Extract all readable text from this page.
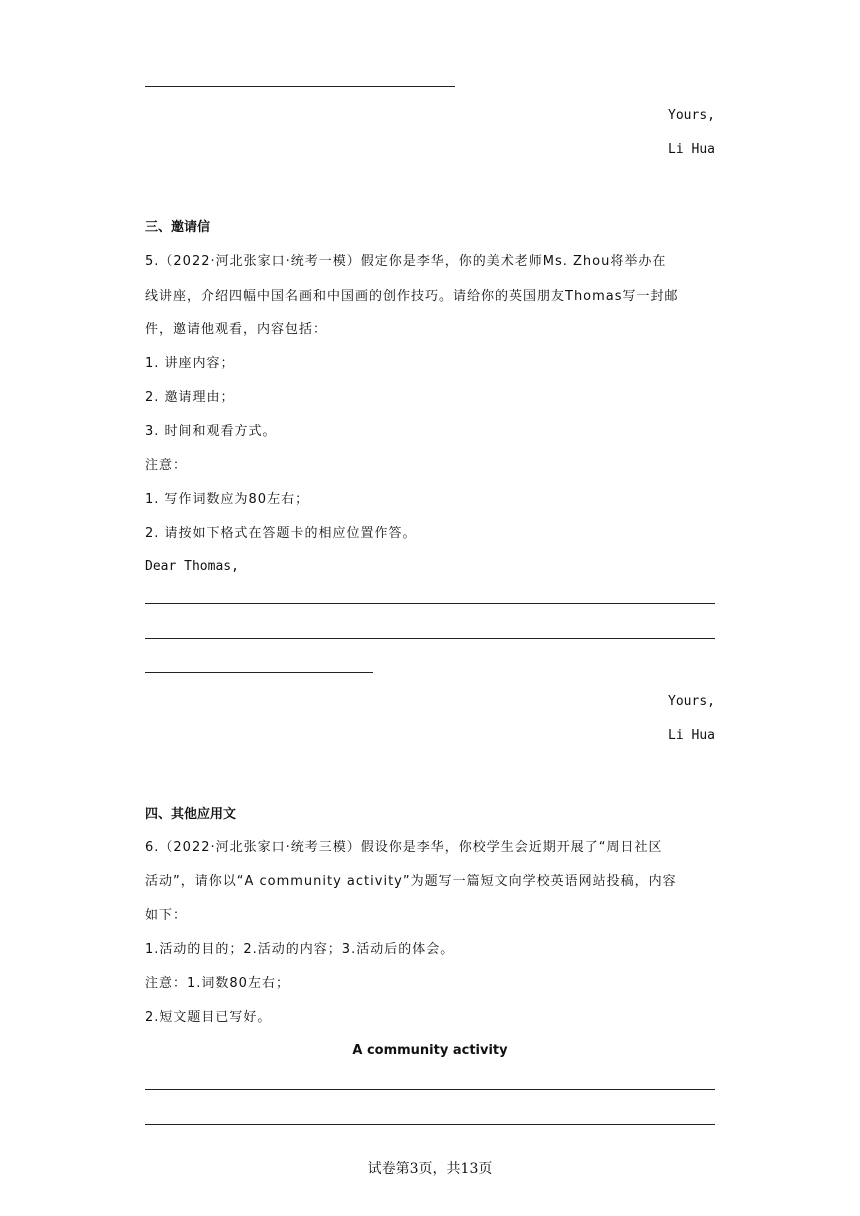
Yours,
Li Hua
三、邀请信
5.（2022·河北张家口·统考一模）假定你是李华，你的美术老师Ms. Zhou将举办在
线讲座，介绍四幅中国名画和中国画的创作技巧。请给你的英国朋友Thomas写一封邮
件，邀请他观看，内容包括：
1. 讲座内容；
2. 邀请理由；
3. 时间和观看方式。
注意：
1. 写作词数应为80左右；
2. 请按如下格式在答题卡的相应位置作答。
Dear Thomas,
Yours,
Li Hua
四、其他应用文
6.（2022·河北张家口·统考三模）假设你是李华，你校学生会近期开展了“周日社区
活动”，请你以“A community activity”为题写一篇短文向学校英语网站投稿，内容
如下：
1.活动的目的；2.活动的内容；3.活动后的体会。
注意：1.词数80左右；
2.短文题目已写好。
A community activity
试卷第3页，共13页
